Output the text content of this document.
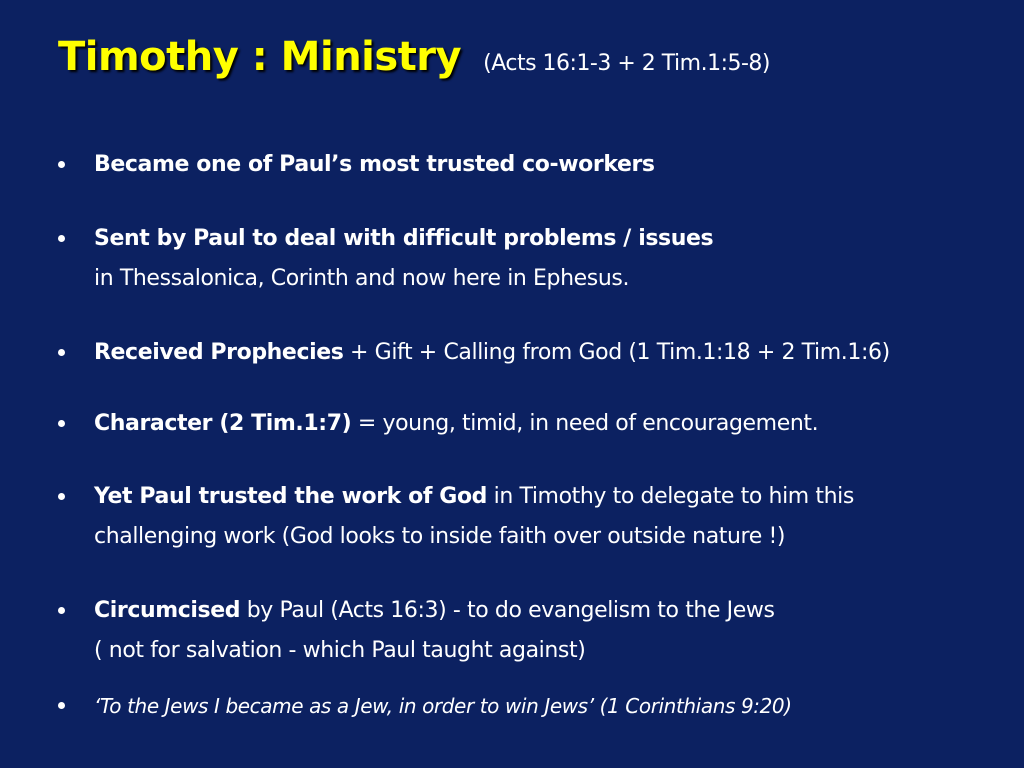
Timothy : Ministry (Acts 16:1-3 + 2 Tim.1:5-8)
Became one of Paul’s most trusted co-workers
Sent by Paul to deal with difficult problems / issues
in Thessalonica, Corinth and now here in Ephesus.
Received Prophecies + Gift + Calling from God (1 Tim.1:18 + 2 Tim.1:6)
Character (2 Tim.1:7) = young, timid, in need of encouragement.
Yet Paul trusted the work of God in Timothy to delegate to him this
challenging work (God looks to inside faith over outside nature !)
Circumcised by Paul (Acts 16:3) - to do evangelism to the Jews
( not for salvation - which Paul taught against)
‘To the Jews I became as a Jew, in order to win Jews’ (1 Corinthians 9:20)
